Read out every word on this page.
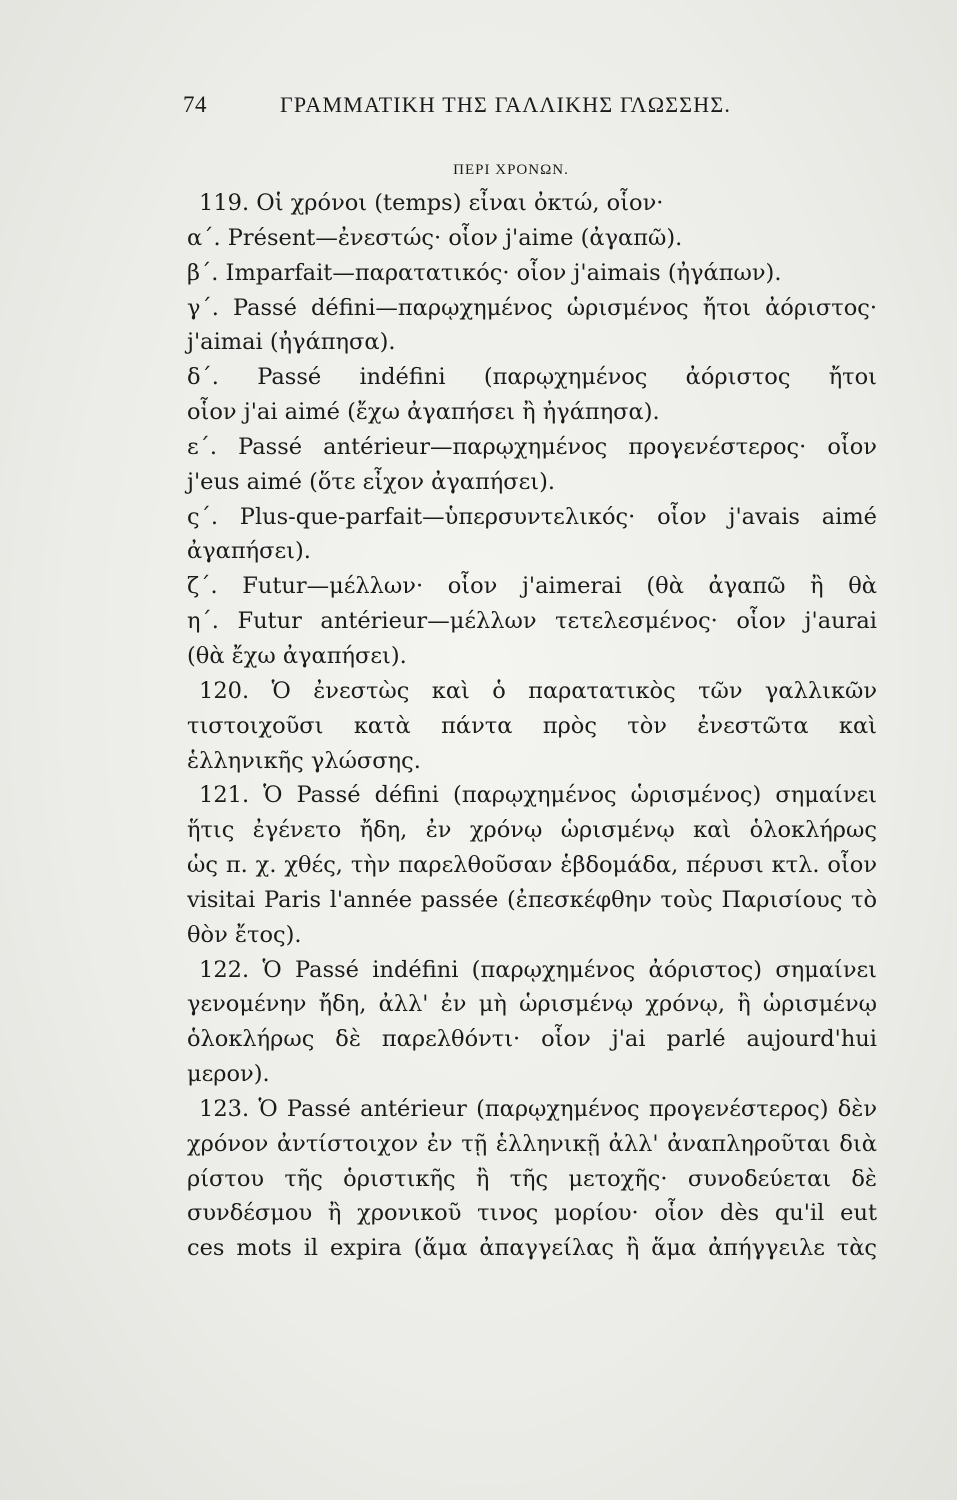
74	ΓΡΑΜΜΑΤΙΚΗ ΤΗΣ ΓΑΛΛΙΚΗΣ ΓΛΩΣΣΗΣ.
ΠΕΡΙ ΧΡΟΝΩΝ.
119. Οἱ χρόνοι (temps) εἶναι ὀκτώ, οἷον·
α΄. Présent—ἐνεστώς· οἷον j'aime (ἀγαπῶ).
β΄. Imparfait—παρατατικός· οἷον j'aimais (ἠγάπων).
γ΄. Passé défini—παρῳχημένος ὡρισμένος ἤτοι ἀόριστος·
j'aimai (ἠγάπησα).
δ΄. Passé indéfini (παρῳχημένος ἀόριστος ἤτοι
οἷον j'ai aimé (ἔχω ἀγαπήσει ἢ ἠγάπησα).
ε΄. Passé antérieur—παρῳχημένος προγενέστερος· οἷον
j'eus aimé (ὅτε εἶχον ἀγαπήσει).
ς΄. Plus-que-parfait—ὑπερσυντελικός· οἷον j'avais aimé
ἀγαπήσει).
ζ΄. Futur—μέλλων· οἷον j'aimerai (θὰ ἀγαπῶ ἢ θὰ
η΄. Futur antérieur—μέλλων τετελεσμένος· οἷον j'aurai
(θὰ ἔχω ἀγαπήσει).
120. Ὁ ἐνεστὼς καὶ ὁ παρατατικὸς τῶν γαλλικῶν
τιστοιχοῦσι κατὰ πάντα πρὸς τὸν ἐνεστῶτα καὶ
ἑλληνικῆς γλώσσης.
121. Ὁ Passé défini (παρῳχημένος ὡρισμένος) σημαίνει
ἥτις ἐγένετο ἤδη, ἐν χρόνῳ ὡρισμένῳ καὶ ὁλοκλήρως
ὡς π. χ. χθές, τὴν παρελθοῦσαν ἑβδομάδα, πέρυσι κτλ. οἷον
visitai Paris l'année passée (ἐπεσκέφθην τοὺς Παρισίους τὸ
θὸν ἔτος).
122. Ὁ Passé indéfini (παρῳχημένος ἀόριστος) σημαίνει
γενομένην ἤδη, ἀλλ' ἐν μὴ ὡρισμένῳ χρόνῳ, ἢ ὡρισμένῳ
ὁλοκλήρως δὲ παρελθόντι· οἷον j'ai parlé aujourd'hui
μερον).
123. Ὁ Passé antérieur (παρῳχημένος προγενέστερος) δὲν
χρόνον ἀντίστοιχον ἐν τῇ ἑλληνικῇ ἀλλ' ἀναπληροῦται διὰ
ρίστου τῆς ὁριστικῆς ἢ τῆς μετοχῆς· συνοδεύεται δὲ
συνδέσμου ἢ χρονικοῦ τινος μορίου· οἷον dès qu'il eut
ces mots il expira (ἅμα ἀπαγγείλας ἢ ἅμα ἀπήγγειλε τὰς
